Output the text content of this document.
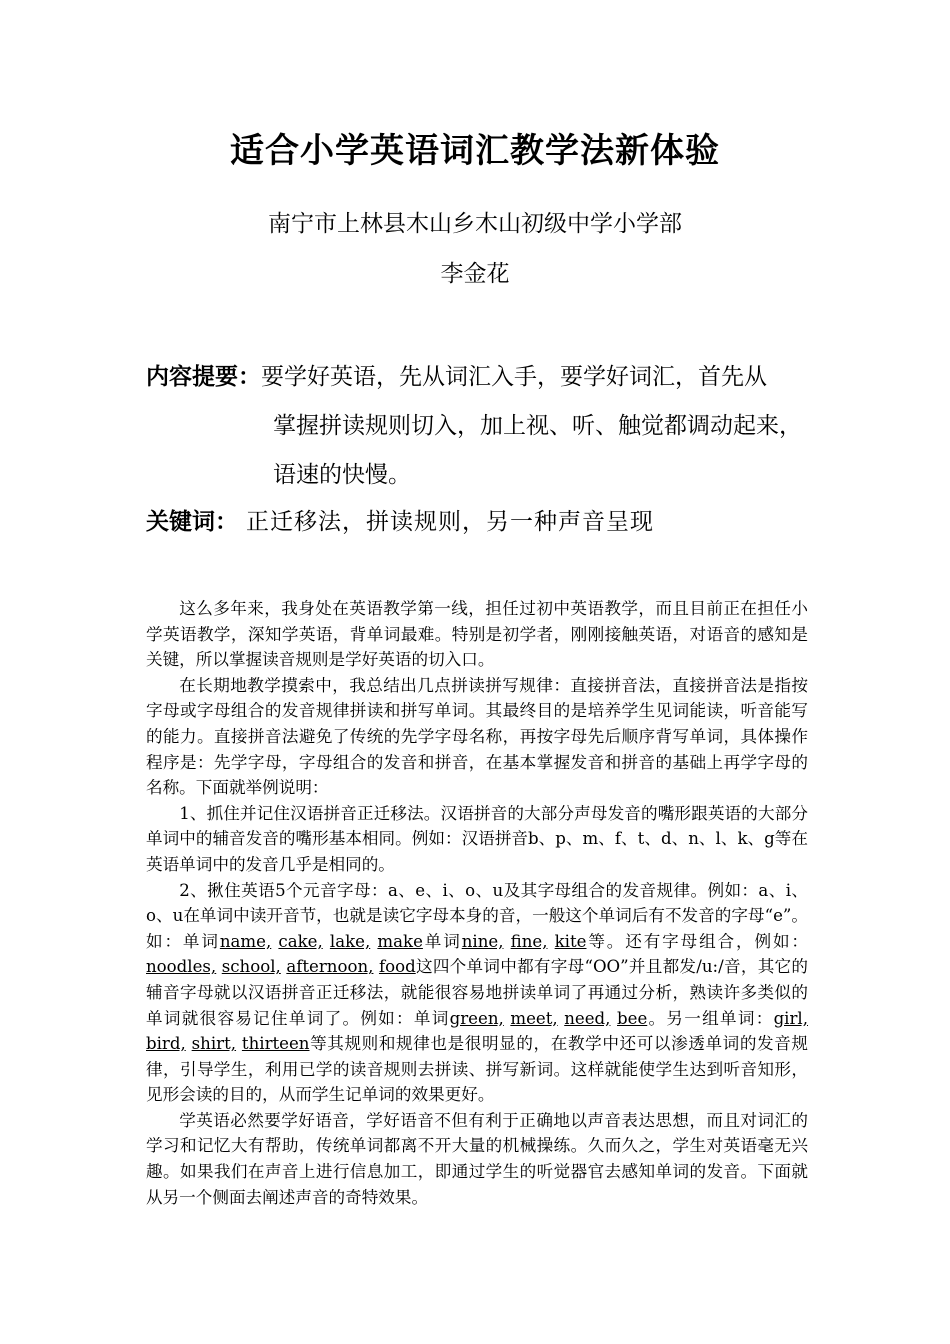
适合小学英语词汇教学法新体验
南宁市上林县木山乡木山初级中学小学部
李金花
内容提要：要学好英语，先从词汇入手，要学好词汇，首先从
掌握拼读规则切入，加上视、听、触觉都调动起来，
语速的快慢。
关键词： 正迁移法，拼读规则，另一种声音呈现

这么多年来，我身处在英语教学第一线，担任过初中英语教学，而且目前正在担任小学英语教学，深知学英语，背单词最难。特别是初学者，刚刚接触英语，对语音的感知是关键，所以掌握读音规则是学好英语的切入口。

在长期地教学摸索中，我总结出几点拼读拼写规律：直接拼音法，直接拼音法是指按字母或字母组合的发音规律拼读和拼写单词。其最终目的是培养学生见词能读，听音能写的能力。直接拼音法避免了传统的先学字母名称，再按字母先后顺序背写单词，具体操作程序是：先学字母，字母组合的发音和拼音，在基本掌握发音和拼音的基础上再学字母的名称。下面就举例说明：

1、抓住并记住汉语拼音正迁移法。汉语拼音的大部分声母发音的嘴形跟英语的大部分单词中的辅音发音的嘴形基本相同。例如：汉语拼音b、p、m、f、t、d、n、l、k、g等在英语单词中的发音几乎是相同的。

2、揪住英语5个元音字母：a、e、i、o、u及其字母组合的发音规律。例如：a、i、o、u在单词中读开音节，也就是读它字母本身的音，一般这个单词后有不发音的字母“e”。如：单词name, cake, lake, make单词nine, fine, kite等。还有字母组合，例如：noodles, school, afternoon, food这四个单词中都有字母“OO”并且都发/u:/音，其它的辅音字母就以汉语拼音正迁移法，就能很容易地拼读单词了再通过分析，熟读许多类似的单词就很容易记住单词了。例如：单词green, meet, need, bee。另一组单词：girl, bird, shirt, thirteen等其规则和规律也是很明显的，在教学中还可以渗透单词的发音规律，引导学生，利用已学的读音规则去拼读、拼写新词。这样就能使学生达到听音知形，见形会读的目的，从而学生记单词的效果更好。

学英语必然要学好语音，学好语音不但有利于正确地以声音表达思想，而且对词汇的学习和记忆大有帮助，传统单词都离不开大量的机械操练。久而久之，学生对英语毫无兴趣。如果我们在声音上进行信息加工，即通过学生的听觉器官去感知单词的发音。下面就从另一个侧面去阐述声音的奇特效果。
